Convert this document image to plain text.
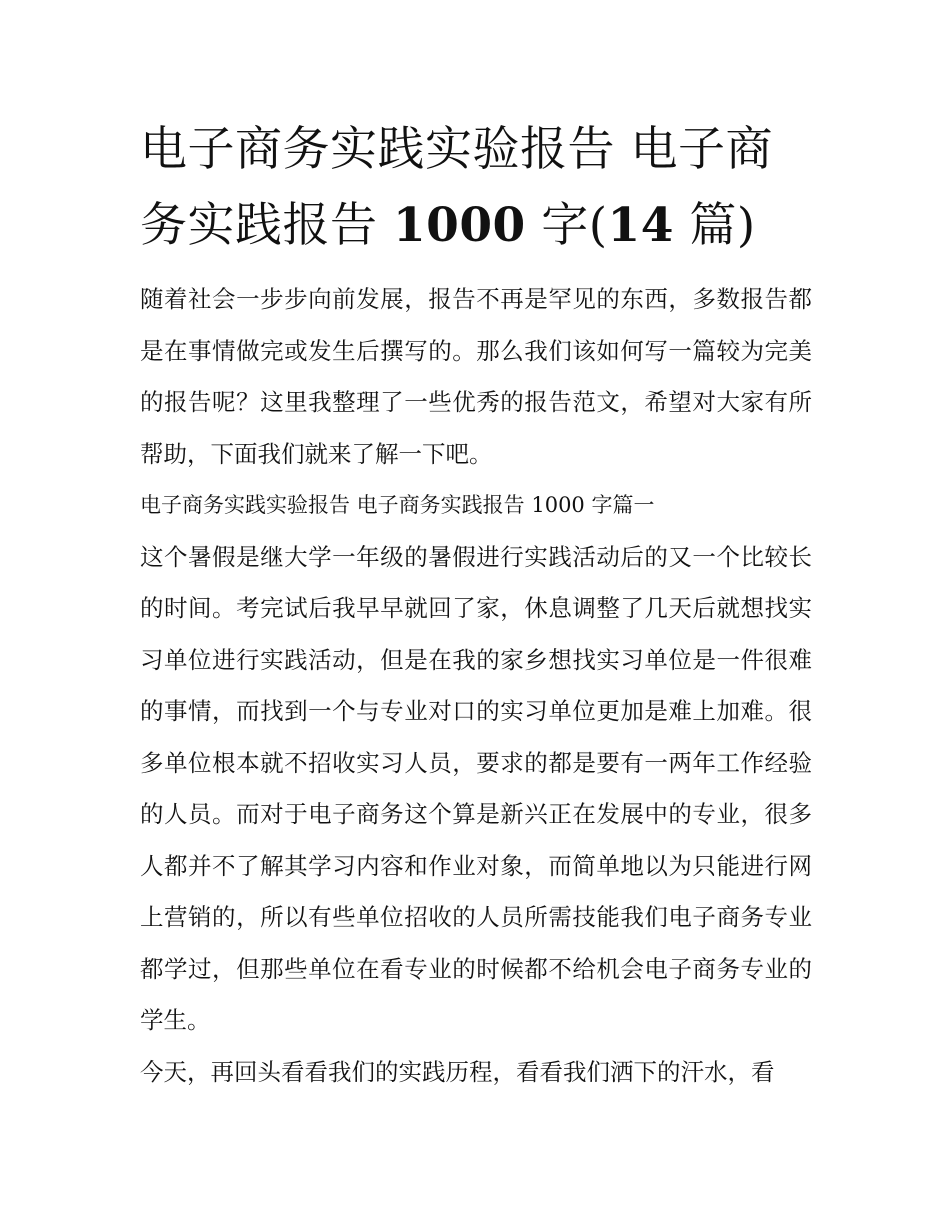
电子商务实践实验报告 电子商务实践报告 1000 字(14 篇)

随着社会一步步向前发展，报告不再是罕见的东西，多数报告都是在事情做完或发生后撰写的。那么我们该如何写一篇较为完美的报告呢？这里我整理了一些优秀的报告范文，希望对大家有所帮助，下面我们就来了解一下吧。

电子商务实践实验报告 电子商务实践报告 1000 字篇一

这个暑假是继大学一年级的暑假进行实践活动后的又一个比较长的时间。考完试后我早早就回了家，休息调整了几天后就想找实习单位进行实践活动，但是在我的家乡想找实习单位是一件很难的事情，而找到一个与专业对口的实习单位更加是难上加难。很多单位根本就不招收实习人员，要求的都是要有一两年工作经验的人员。而对于电子商务这个算是新兴正在发展中的专业，很多人都并不了解其学习内容和作业对象，而简单地以为只能进行网上营销的，所以有些单位招收的人员所需技能我们电子商务专业都学过，但那些单位在看专业的时候都不给机会电子商务专业的学生。

今天，再回头看看我们的实践历程，看看我们洒下的汗水，看
